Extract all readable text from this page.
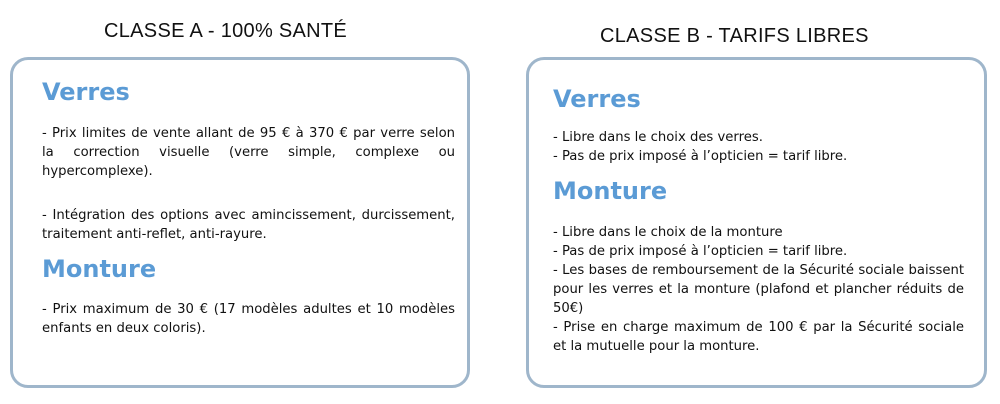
CLASSE A - 100% SANTÉ	CLASSE B - TARIFS LIBRES
Verres

- Prix limites de vente allant de 95 € à 370 € par verre selon la correction visuelle (verre simple, complexe ou hypercomplexe).

- Intégration des options avec amincissement, durcissement, traitement anti-reflet, anti-rayure.

Monture

- Prix maximum de 30 € (17 modèles adultes et 10 modèles enfants en deux coloris).

Verres
- Libre dans le choix des verres.
- Pas de prix imposé à l’opticien = tarif libre.
Monture
- Libre dans le choix de la monture
- Pas de prix imposé à l’opticien = tarif libre.
- Les bases de remboursement de la Sécurité sociale baissent pour les verres et la monture (plafond et plancher réduits de 50€)
- Prise en charge maximum de 100 € par la Sécurité sociale et la mutuelle pour la monture.
